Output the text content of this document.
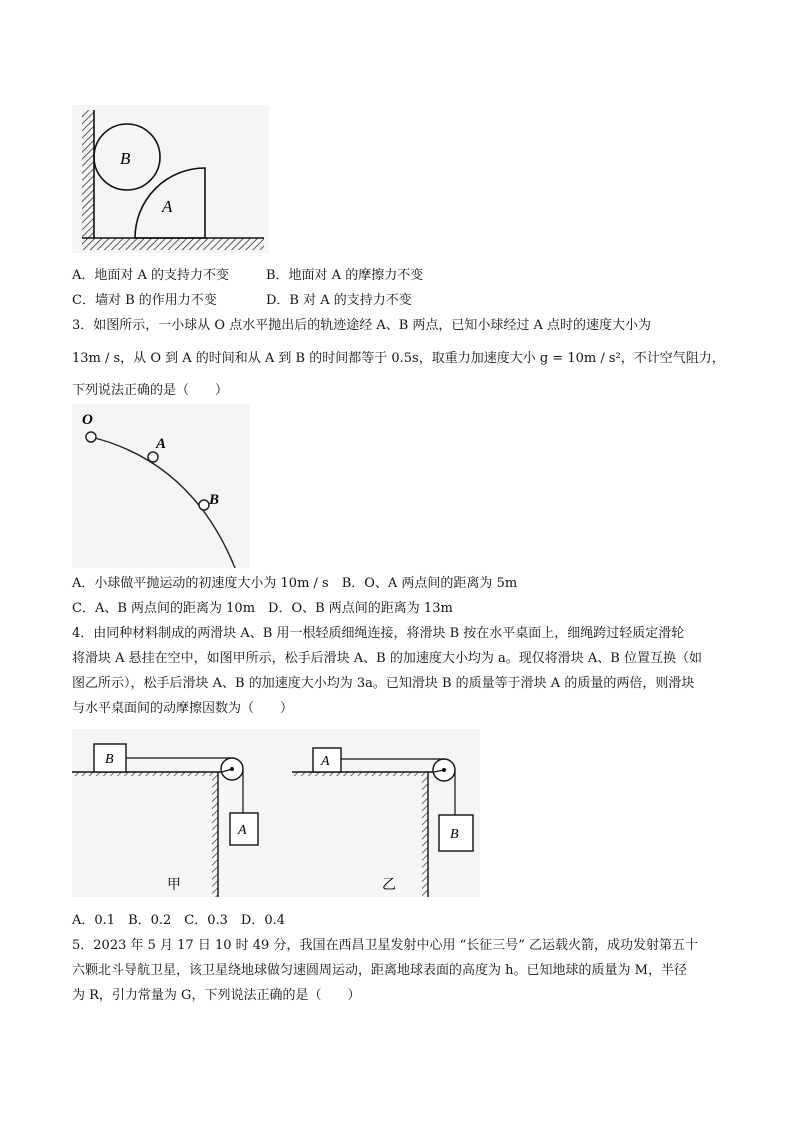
B
A
A．地面对 A 的支持力不变	B．地面对 A 的摩擦力不变
C．墙对 B 的作用力不变	D．B 对 A 的支持力不变
3．如图所示，一小球从 O 点水平抛出后的轨迹途经 A、B 两点，已知小球经过 A 点时的速度大小为
13m / s，从 O 到 A 的时间和从 A 到 B 的时间都等于 0.5s，取重力加速度大小 g = 10m / s²，不计空气阻力，
下列说法正确的是（　　）
O
A
B
A．小球做平抛运动的初速度大小为 10m / s　B．O、A 两点间的距离为 5m
C．A、B 两点间的距离为 10m　D．O、B 两点间的距离为 13m
4．由同种材料制成的两滑块 A、B 用一根轻质细绳连接，将滑块 B 按在水平桌面上，细绳跨过轻质定滑轮
将滑块 A 悬挂在空中，如图甲所示，松手后滑块 A、B 的加速度大小均为 a。现仅将滑块 A、B 位置互换（如
图乙所示），松手后滑块 A、B 的加速度大小均为 3a。已知滑块 B 的质量等于滑块 A 的质量的两倍，则滑块
与水平桌面间的动摩擦因数为（　　）
B
A
甲
A
B
乙
A．0.1　B．0.2　C．0.3　D．0.4
5．2023 年 5 月 17 日 10 时 49 分，我国在西昌卫星发射中心用 “长征三号” 乙运载火箭，成功发射第五十
六颗北斗导航卫星，该卫星绕地球做匀速圆周运动，距离地球表面的高度为 h。已知地球的质量为 M，半径
为 R，引力常量为 G，下列说法正确的是（　　）
